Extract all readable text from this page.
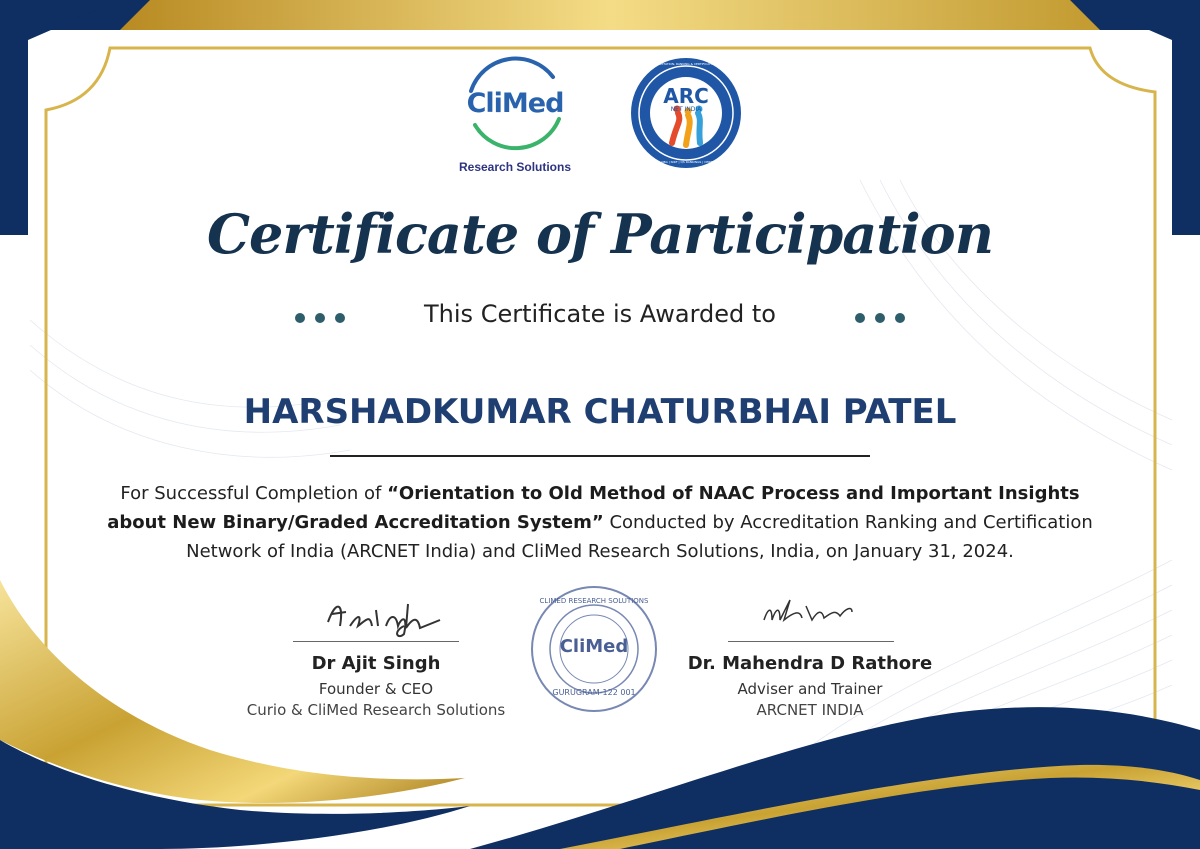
CliMed
Research Solutions
ARC
NET INDIA
ACCREDITATION, RANKING & CERTIFICATION NETWORK INDIA
NAAC | NBA | NIRF | QS RANKINGS | CERTIFICATION
Certificate of Participation
This Certificate is Awarded to
HARSHADKUMAR CHATURBHAI PATEL
For Successful Completion of “Orientation to Old Method of NAAC Process and Important Insights about New Binary/Graded Accreditation System” Conducted by Accreditation Ranking and Certification Network of India (ARCNET India) and CliMed Research Solutions, India, on January 31, 2024.
Dr Ajit Singh
Founder & CEO
Curio & CliMed Research Solutions
Dr. Mahendra D Rathore
Adviser and Trainer
ARCNET INDIA
CliMed
CLIMED RESEARCH SOLUTIONS
GURUGRAM-122 001
